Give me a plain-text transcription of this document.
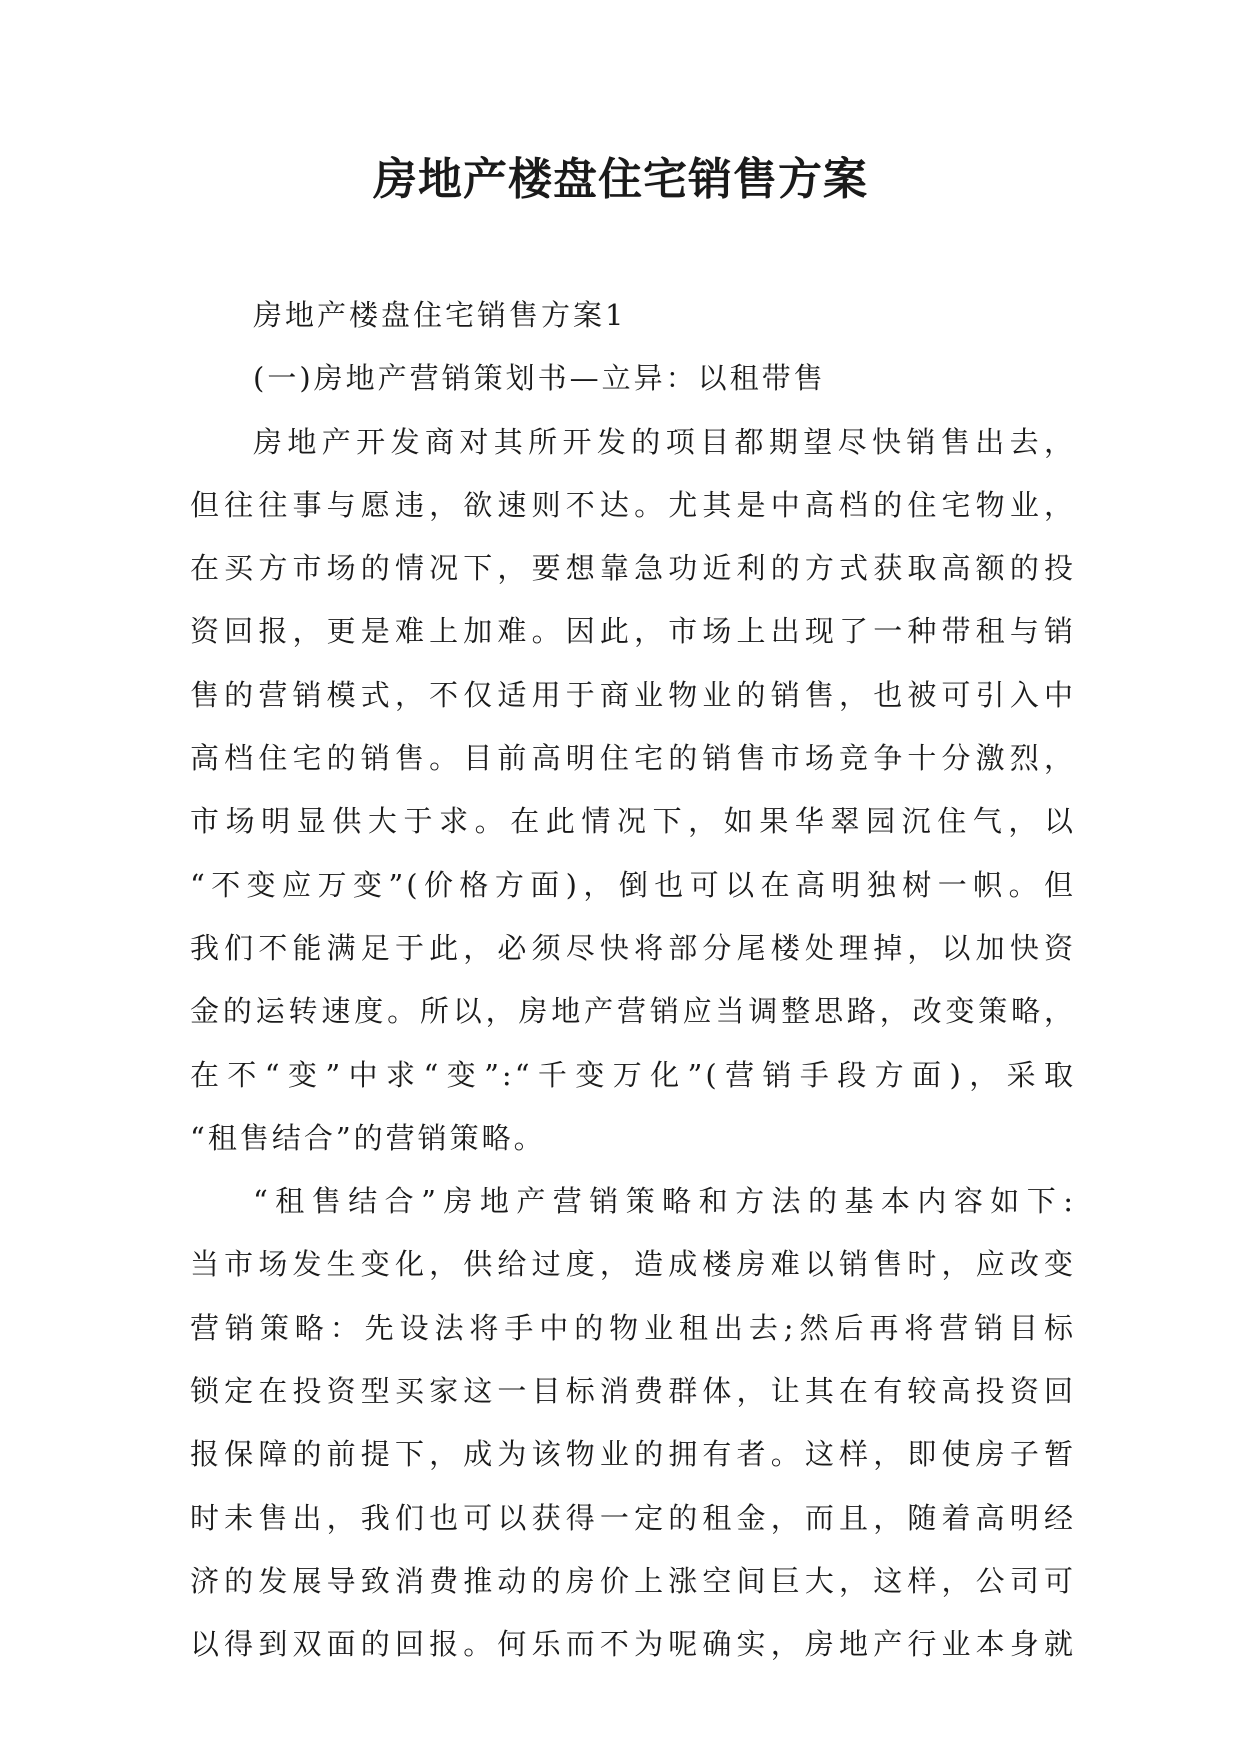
房地产楼盘住宅销售方案
房地产楼盘住宅销售方案1
(一)房地产营销策划书—立异：以租带售
房地产开发商对其所开发的项目都期望尽快销售出去，
但往往事与愿违，欲速则不达。尤其是中高档的住宅物业，
在买方市场的情况下，要想靠急功近利的方式获取高额的投
资回报，更是难上加难。因此，市场上出现了一种带租与销
售的营销模式，不仅适用于商业物业的销售，也被可引入中
高档住宅的销售。目前高明住宅的销售市场竞争十分激烈，
市场明显供大于求。在此情况下，如果华翠园沉住气，以
“不变应万变”(价格方面)，倒也可以在高明独树一帜。但
我们不能满足于此，必须尽快将部分尾楼处理掉，以加快资
金的运转速度。所以，房地产营销应当调整思路，改变策略，
在不“变”中求“变”:“千变万化”(营销手段方面)，采取
“租售结合”的营销策略。
“租售结合”房地产营销策略和方法的基本内容如下:
当市场发生变化，供给过度，造成楼房难以销售时，应改变
营销策略：先设法将手中的物业租出去;然后再将营销目标
锁定在投资型买家这一目标消费群体，让其在有较高投资回
报保障的前提下，成为该物业的拥有者。这样，即使房子暂
时未售出，我们也可以获得一定的租金，而且，随着高明经
济的发展导致消费推动的房价上涨空间巨大，这样，公司可
以得到双面的回报。何乐而不为呢确实，房地产行业本身就
